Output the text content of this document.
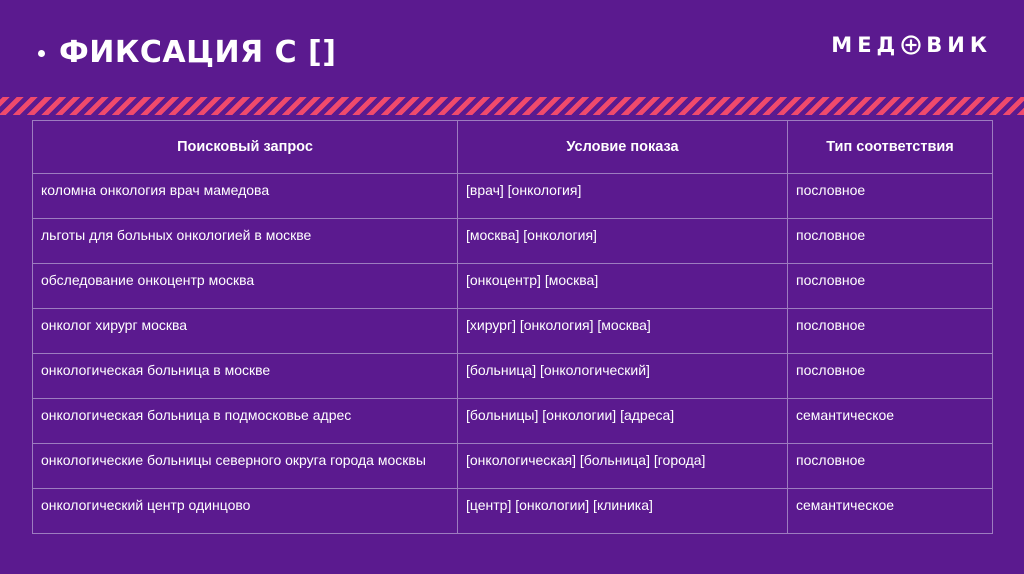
ФИКСАЦИЯ С []	МЕД ВИК
Поисковый запрос	Условие показа	Тип соответствия
коломна онкология врач мамедова	[врач] [онкология]	пословное
льготы для больных онкологией в москве	[москва] [онкология]	пословное
обследование онкоцентр москва	[онкоцентр] [москва]	пословное
онколог хирург москва	[хирург] [онкология] [москва]	пословное
онкологическая больница в москве	[больница] [онкологический]	пословное
онкологическая больница в подмосковье адрес	[больницы] [онкологии] [адреса]	семантическое
онкологические больницы северного округа города москвы	[онкологическая] [больница] [города]	пословное
онкологический центр одинцово	[центр] [онкологии] [клиника]	семантическое
